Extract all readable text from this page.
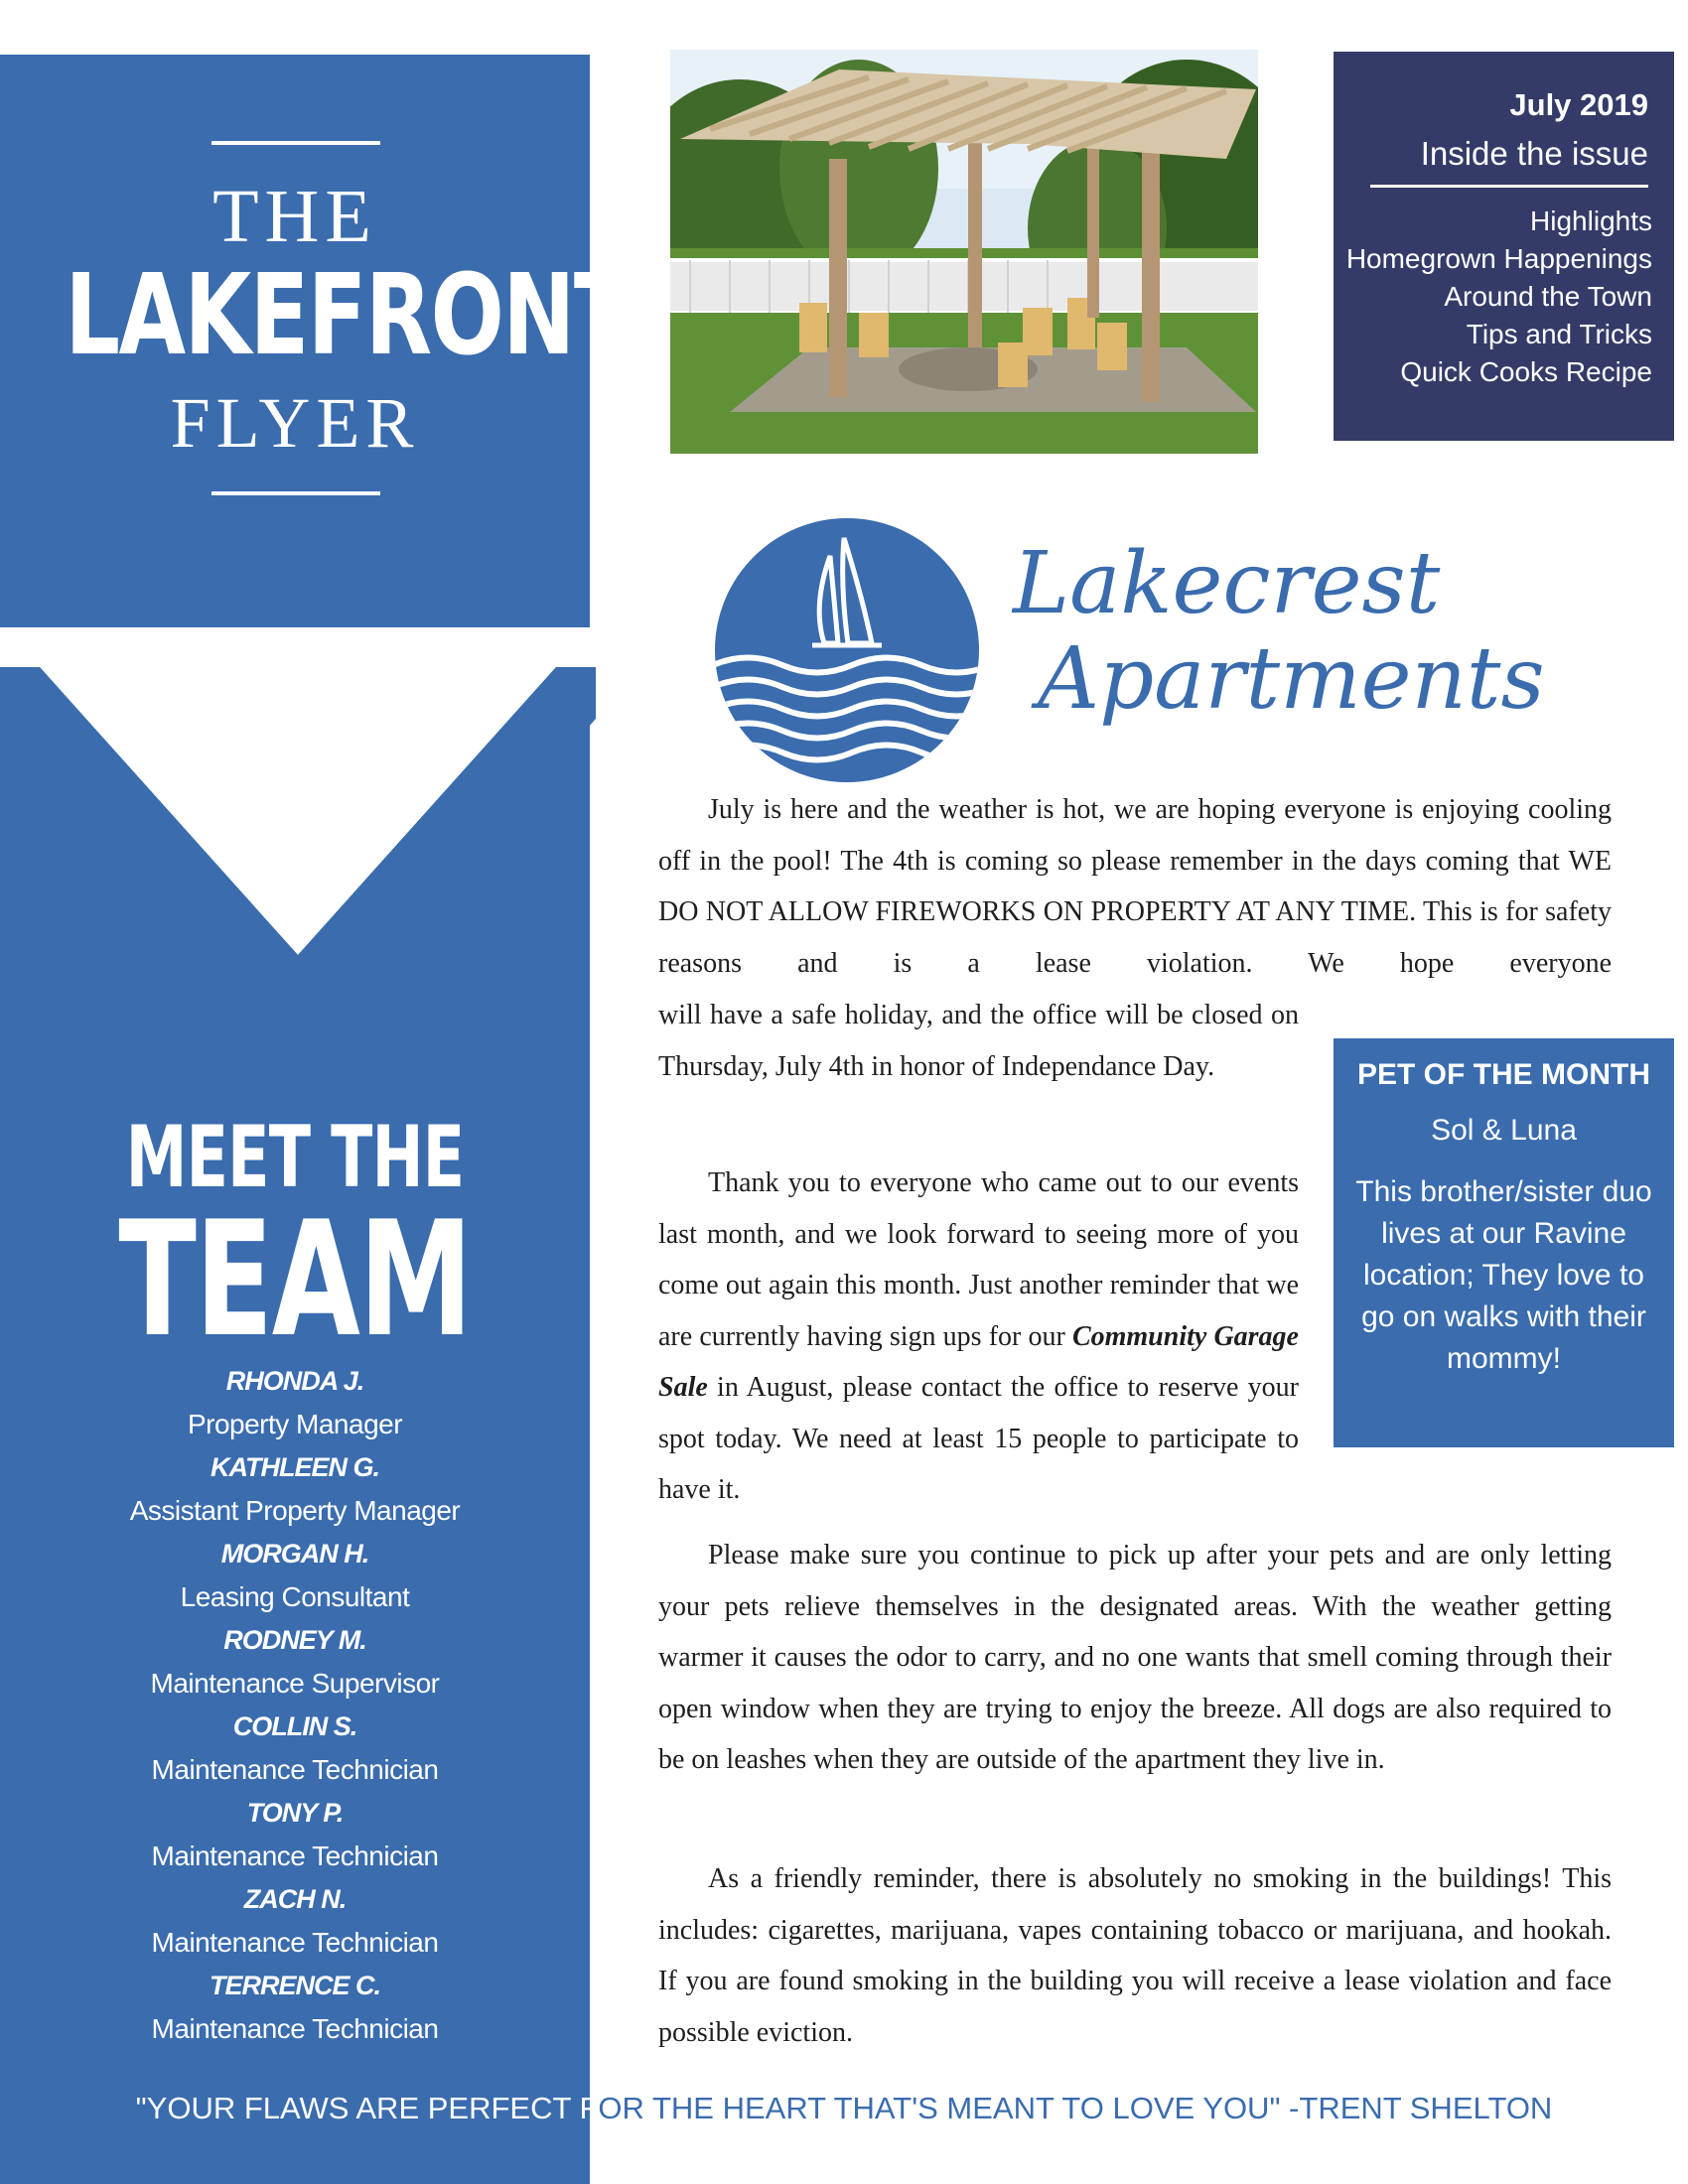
THE
LAKEFRONT
FLYER
MEET THE
TEAM
RHONDA J.
Property Manager
KATHLEEN G.
Assistant Property Manager
MORGAN H.
Leasing Consultant
RODNEY M.
Maintenance Supervisor
COLLIN S.
Maintenance Technician
TONY P.
Maintenance Technician
ZACH N.
Maintenance Technician
TERRENCE C.
Maintenance Technician
July 2019
Inside the issue
Highlights
Homegrown Happenings
Around the Town
Tips and Tricks
Quick Cooks Recipe
Lakecrest
Apartments

July is here and the weather is hot, we are hoping everyone is enjoying cooling off in the pool! The 4th is coming so please remember in the days coming that WE DO NOT ALLOW FIREWORKS ON PROPERTY AT ANY TIME. This is for safety reasons and is a lease violation. We hope everyone

will have a safe holiday, and the office will be closed on Thursday, July 4th in honor of Independance Day.

Thank you to everyone who came out to our events last month, and we look forward to seeing more of you come out again this month. Just another reminder that we are currently having sign ups for our Community Garage Sale in August, please contact the office to reserve your spot today. We need at least 15 people to participate to have it.

Please make sure you continue to pick up after your pets and are only letting your pets relieve themselves in the designated areas. With the weather getting warmer it causes the odor to carry, and no one wants that smell coming through their open window when they are trying to enjoy the breeze. All dogs are also required to be on leashes when they are outside of the apartment they live in.

As a friendly reminder, there is absolutely no smoking in the buildings! This includes: cigarettes, marijuana, vapes containing tobacco or marijuana, and hookah. If you are found smoking in the building you will receive a lease violation and face possible eviction.

PET OF THE MONTH
Sol & Luna
This brother/sister duo lives at our Ravine location; They love to go on walks with their mommy!
"YOUR FLAWS ARE PERFECT FOR THE HEART THAT'S MEANT TO LOVE YOU" -TRENT SHELTON
